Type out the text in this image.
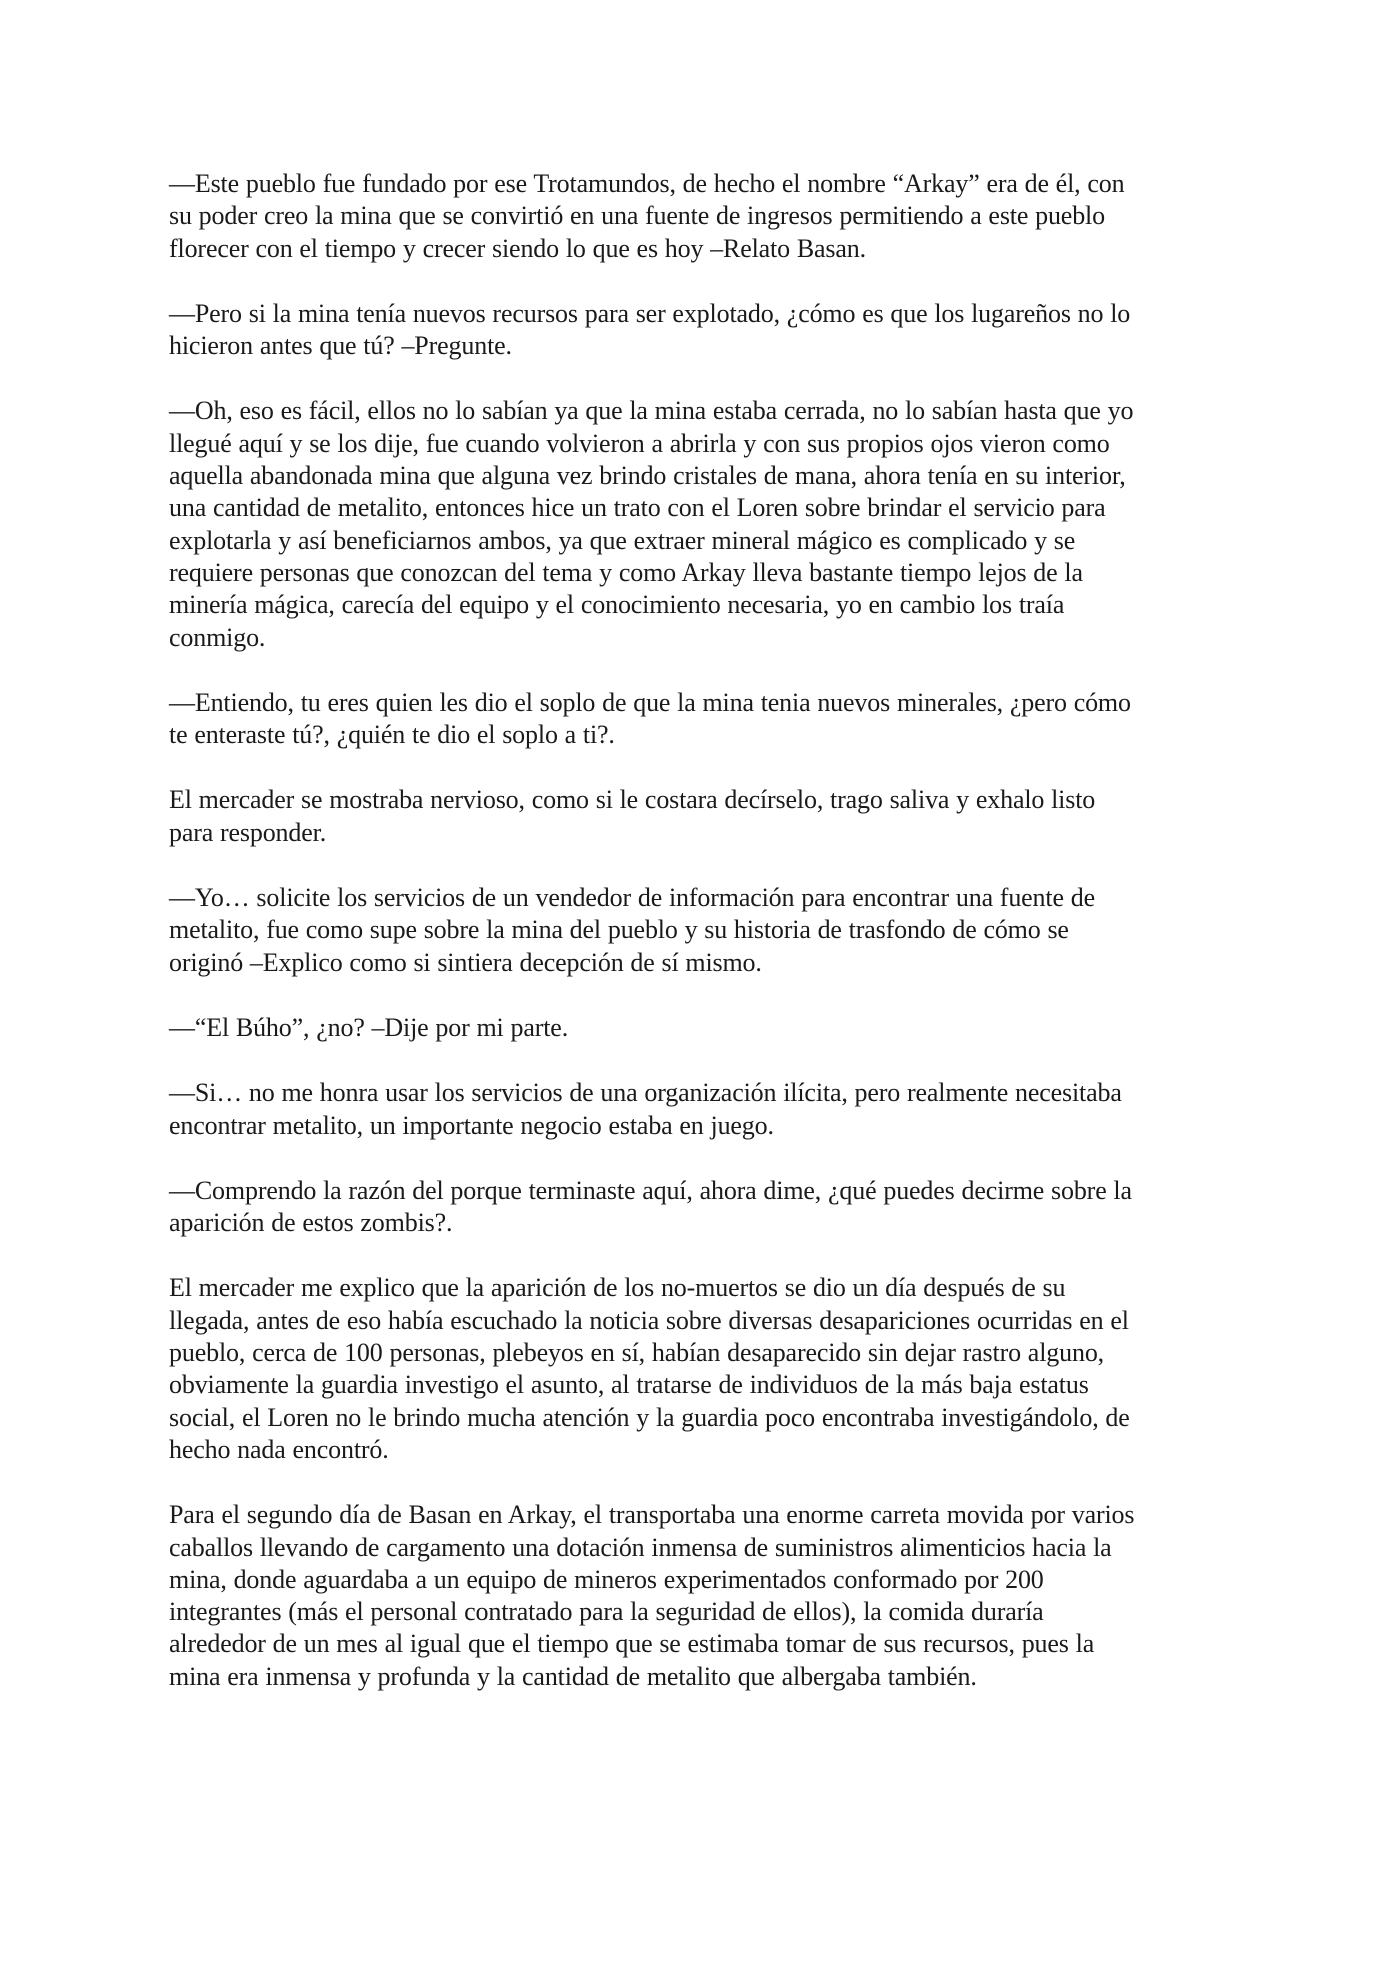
—Este pueblo fue fundado por ese Trotamundos, de hecho el nombre “Arkay” era de él, con
su poder creo la mina que se convirtió en una fuente de ingresos permitiendo a este pueblo
florecer con el tiempo y crecer siendo lo que es hoy –Relato Basan.

—Pero si la mina tenía nuevos recursos para ser explotado, ¿cómo es que los lugareños no lo
hicieron antes que tú? –Pregunte.

—Oh, eso es fácil, ellos no lo sabían ya que la mina estaba cerrada, no lo sabían hasta que yo
llegué aquí y se los dije, fue cuando volvieron a abrirla y con sus propios ojos vieron como
aquella abandonada mina que alguna vez brindo cristales de mana, ahora tenía en su interior,
una cantidad de metalito, entonces hice un trato con el Loren sobre brindar el servicio para
explotarla y así beneficiarnos ambos, ya que extraer mineral mágico es complicado y se
requiere personas que conozcan del tema y como Arkay lleva bastante tiempo lejos de la
minería mágica, carecía del equipo y el conocimiento necesaria, yo en cambio los traía
conmigo.

—Entiendo, tu eres quien les dio el soplo de que la mina tenia nuevos minerales, ¿pero cómo
te enteraste tú?, ¿quién te dio el soplo a ti?.

El mercader se mostraba nervioso, como si le costara decírselo, trago saliva y exhalo listo
para responder.

—Yo… solicite los servicios de un vendedor de información para encontrar una fuente de
metalito, fue como supe sobre la mina del pueblo y su historia de trasfondo de cómo se
originó –Explico como si sintiera decepción de sí mismo.

—“El Búho”, ¿no? –Dije por mi parte.

—Si… no me honra usar los servicios de una organización ilícita, pero realmente necesitaba
encontrar metalito, un importante negocio estaba en juego.

—Comprendo la razón del porque terminaste aquí, ahora dime, ¿qué puedes decirme sobre la
aparición de estos zombis?.

El mercader me explico que la aparición de los no-muertos se dio un día después de su
llegada, antes de eso había escuchado la noticia sobre diversas desapariciones ocurridas en el
pueblo, cerca de 100 personas, plebeyos en sí, habían desaparecido sin dejar rastro alguno,
obviamente la guardia investigo el asunto, al tratarse de individuos de la más baja estatus
social, el Loren no le brindo mucha atención y la guardia poco encontraba investigándolo, de
hecho nada encontró.

Para el segundo día de Basan en Arkay, el transportaba una enorme carreta movida por varios
caballos llevando de cargamento una dotación inmensa de suministros alimenticios hacia la
mina, donde aguardaba a un equipo de mineros experimentados conformado por 200
integrantes (más el personal contratado para la seguridad de ellos), la comida duraría
alrededor de un mes al igual que el tiempo que se estimaba tomar de sus recursos, pues la
mina era inmensa y profunda y la cantidad de metalito que albergaba también.
